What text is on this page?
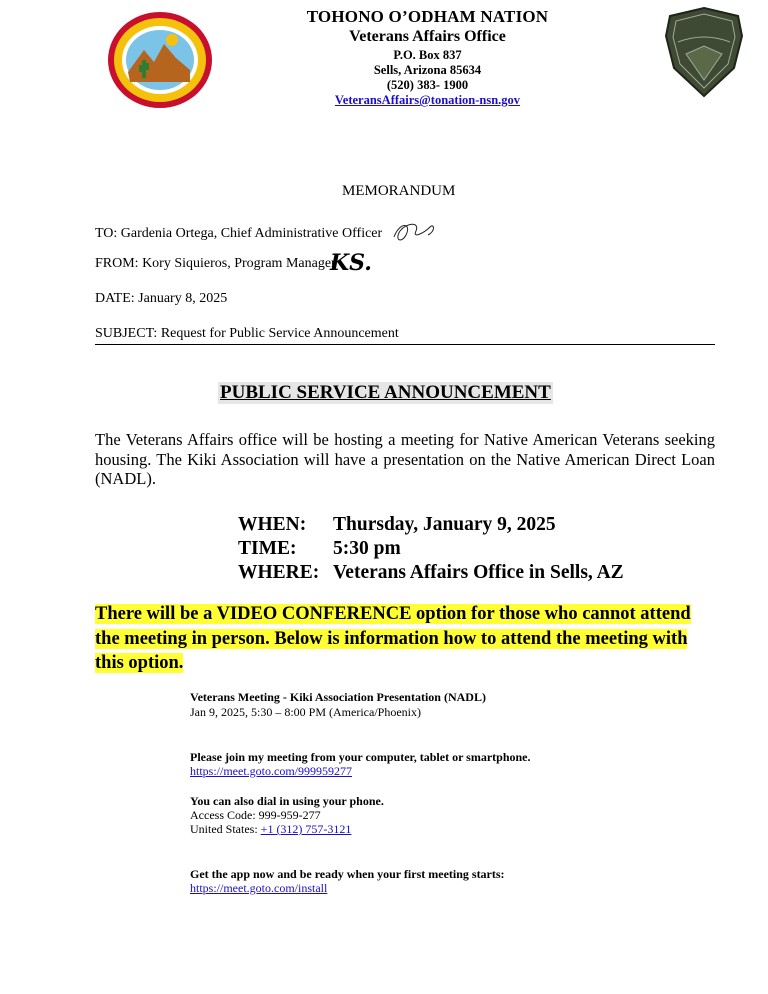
TOHONO O’ODHAM NATION
Veterans Affairs Office
P.O. Box 837
Sells, Arizona 85634
(520) 383- 1900
VeteransAffairs@tonation-nsn.gov
MEMORANDUM
TO: Gardenia Ortega, Chief Administrative Officer
FROM: Kory Siquieros, Program Manager
KS.
DATE: January 8, 2025
SUBJECT: Request for Public Service Announcement
PUBLIC SERVICE ANNOUNCEMENT
The Veterans Affairs office will be hosting a meeting for Native American Veterans seeking housing. The Kiki Association will have a presentation on the Native American Direct Loan (NADL).
WHEN: Thursday, January 9, 2025
TIME: 5:30 pm
WHERE: Veterans Affairs Office in Sells, AZ
There will be a VIDEO CONFERENCE option for those who cannot attend the meeting in person. Below is information how to attend the meeting with this option.
Veterans Meeting - Kiki Association Presentation (NADL)
Jan 9, 2025, 5:30 – 8:00 PM (America/Phoenix)
Please join my meeting from your computer, tablet or smartphone.
https://meet.goto.com/999959277
You can also dial in using your phone.
Access Code: 999-959-277
United States: +1 (312) 757-3121
Get the app now and be ready when your first meeting starts:
https://meet.goto.com/install
